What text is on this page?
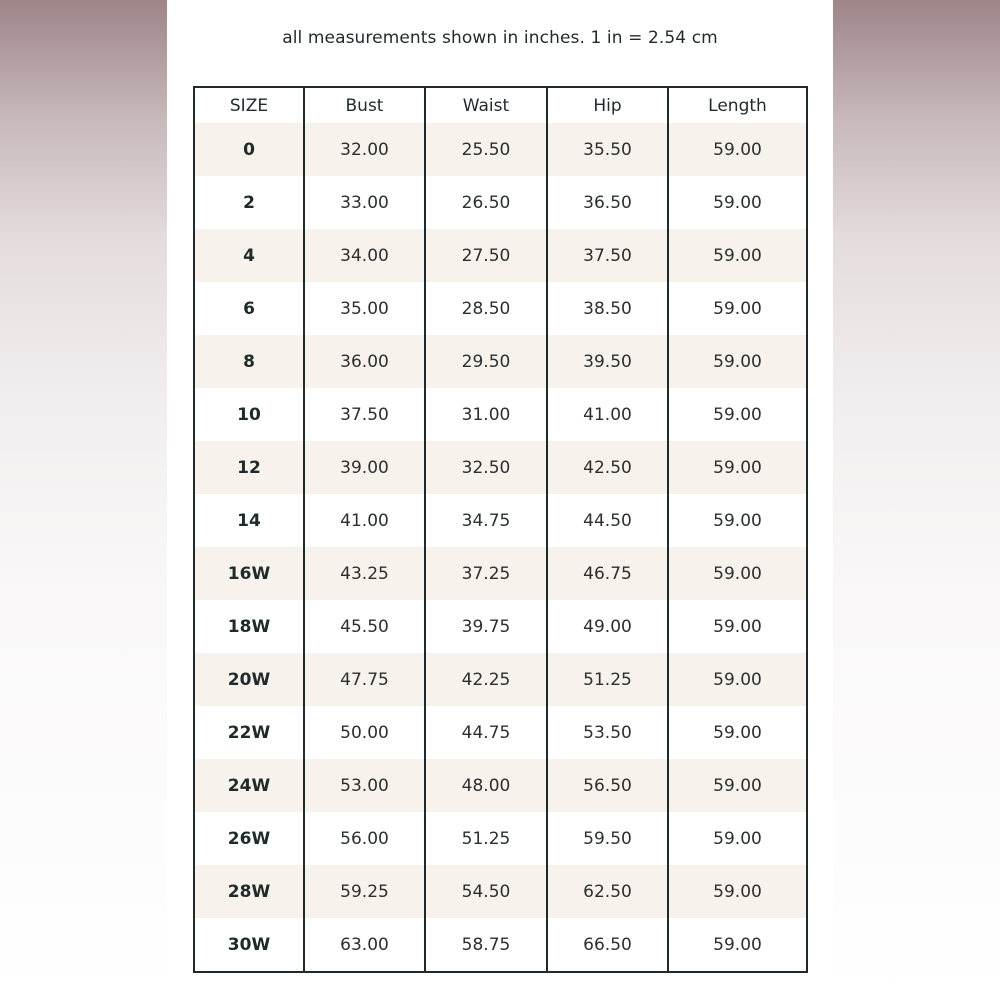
all measurements shown in inches. 1 in = 2.54 cm
SIZE	Bust	Waist	Hip	Length
0	32.00	25.50	35.50	59.00
2	33.00	26.50	36.50	59.00
4	34.00	27.50	37.50	59.00
6	35.00	28.50	38.50	59.00
8	36.00	29.50	39.50	59.00
10	37.50	31.00	41.00	59.00
12	39.00	32.50	42.50	59.00
14	41.00	34.75	44.50	59.00
16W	43.25	37.25	46.75	59.00
18W	45.50	39.75	49.00	59.00
20W	47.75	42.25	51.25	59.00
22W	50.00	44.75	53.50	59.00
24W	53.00	48.00	56.50	59.00
26W	56.00	51.25	59.50	59.00
28W	59.25	54.50	62.50	59.00
30W	63.00	58.75	66.50	59.00
